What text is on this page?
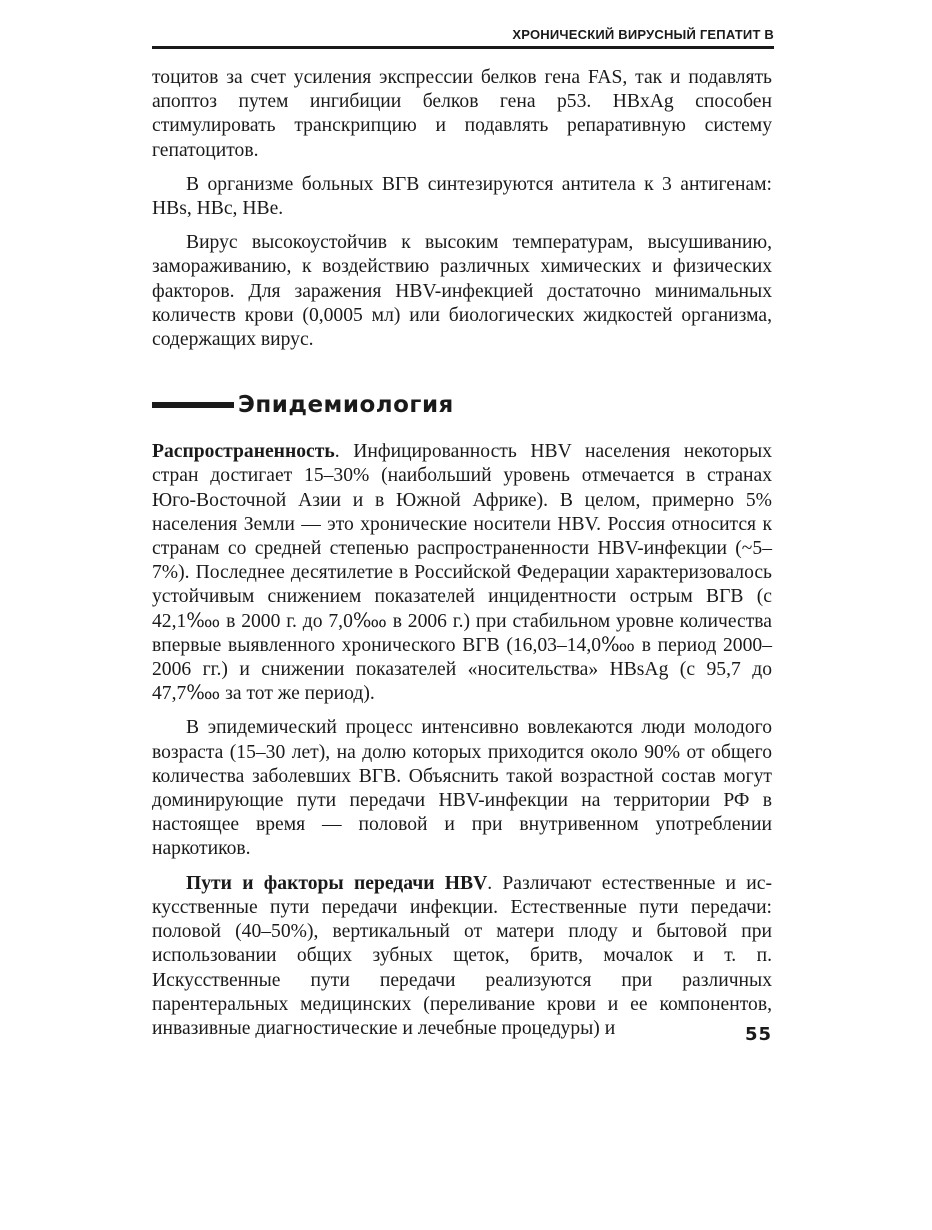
ХРОНИЧЕСКИЙ ВИРУСНЫЙ ГЕПАТИТ В

тоцитов за счет усиления экспрессии белков гена FAS, так и подавлять апоптоз путем ингибиции белков гена p53. HBxAg способен стимулировать транскрипцию и подавлять репаративную систему гепатоцитов.

В организме больных ВГВ синтезируются антитела к 3 антигенам: HBs, HBc, HBe.

Вирус высокоустойчив к высоким температурам, высушиванию, замораживанию, к воздействию различных химических и физических факторов. Для заражения HBV-инфекцией достаточно минимальных количеств крови (0,0005 мл) или биологических жидкостей организма, содержащих вирус.

Эпидемиология

Распространенность. Инфицированность HBV населения некоторых стран достигает 15–30% (наибольший уровень отмечается в странах Юго-Восточной Азии и в Южной Африке). В целом, примерно 5% населения Земли — это хронические носители HBV. Россия относится к странам со средней степенью распространенности HBV-инфекции (~5–7%). Последнее десятилетие в Российской Федерации характеризовалось устойчивым снижением показателей инцидентности острым ВГВ (с 42,1‱ в 2000 г. до 7,0‱ в 2006 г.) при стабильном уровне количества впервые выявленного хронического ВГВ (16,03–14,0‱ в период 2000–2006 гг.) и снижении показателей «носительства» HBsAg (с 95,7 до 47,7‱ за тот же период).

В эпидемический процесс интенсивно вовлекаются люди молодого возраста (15–30 лет), на долю которых приходится около 90% от общего количества заболевших ВГВ. Объяснить такой возрастной состав могут доминирующие пути передачи HBV-инфекции на территории РФ в настоящее время — половой и при внутривенном употреблении наркотиков.

Пути и факторы передачи HBV. Различают естественные и искусственные пути передачи инфекции. Естественные пути передачи: половой (40–50%), вертикальный от матери плоду и бытовой при использовании общих зубных щеток, бритв, мочалок и т. п. Искусственные пути передачи реализуются при различных парентеральных медицинских (переливание крови и ее компонентов, инвазивные диагностические и лечебные процедуры) и	55
